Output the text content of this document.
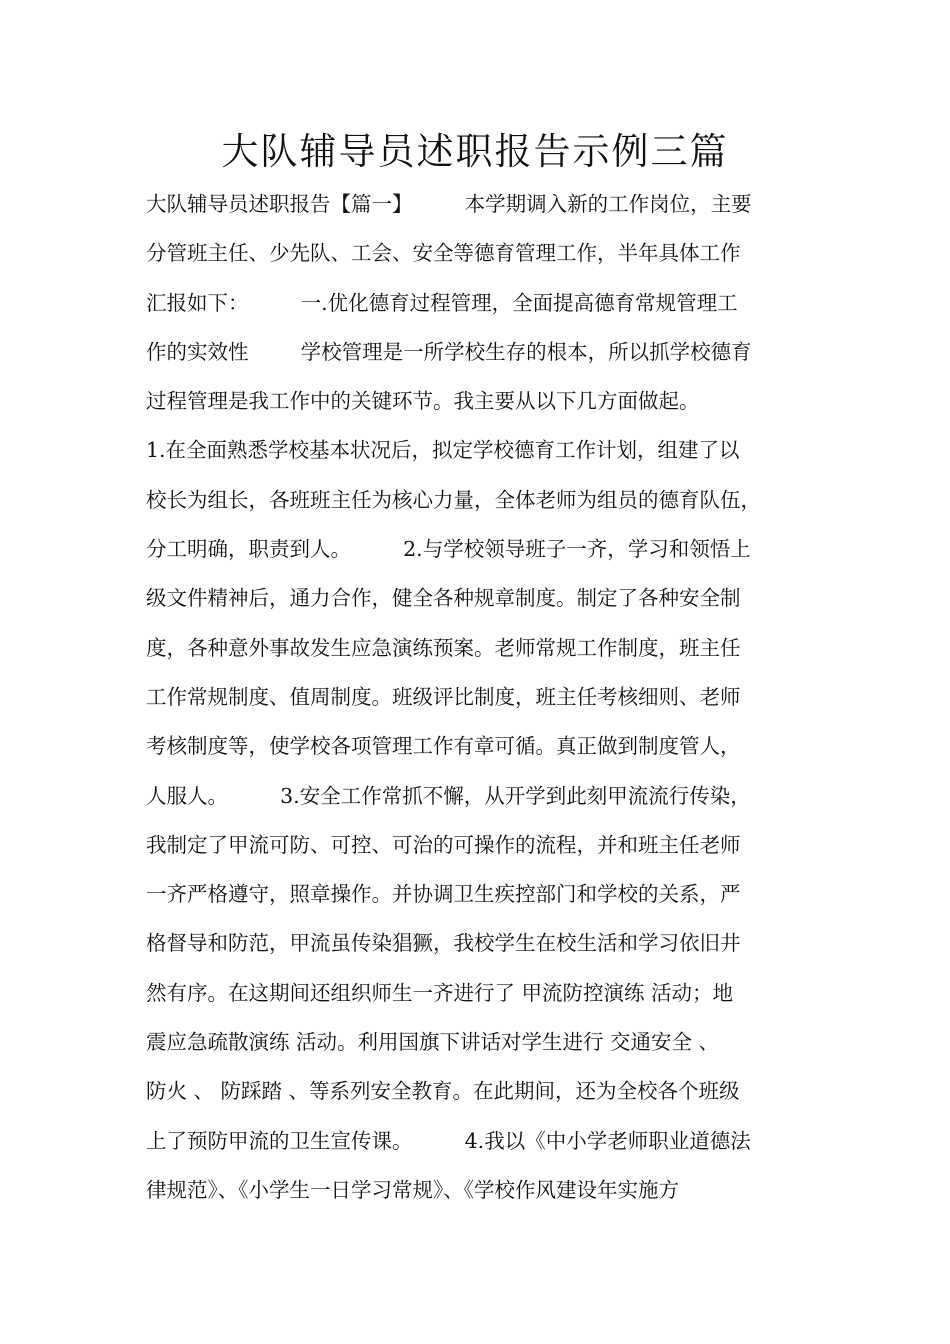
大队辅导员述职报告示例三篇
大队辅导员述职报告【篇一】        本学期调入新的工作岗位，主要
分管班主任、少先队、工会、安全等德育管理工作，半年具体工作
汇报如下：        一.优化德育过程管理，全面提高德育常规管理工
作的实效性        学校管理是一所学校生存的根本，所以抓学校德育
过程管理是我工作中的关键环节。我主要从以下几方面做起。
1.在全面熟悉学校基本状况后，拟定学校德育工作计划，组建了以
校长为组长，各班班主任为核心力量，全体老师为组员的德育队伍，
分工明确，职责到人。        2.与学校领导班子一齐，学习和领悟上
级文件精神后，通力合作，健全各种规章制度。制定了各种安全制
度，各种意外事故发生应急演练预案。老师常规工作制度，班主任
工作常规制度、值周制度。班级评比制度，班主任考核细则、老师
考核制度等，使学校各项管理工作有章可循。真正做到制度管人，
人服人。        3.安全工作常抓不懈，从开学到此刻甲流流行传染，
我制定了甲流可防、可控、可治的可操作的流程，并和班主任老师
一齐严格遵守，照章操作。并协调卫生疾控部门和学校的关系，严
格督导和防范，甲流虽传染猖獗，我校学生在校生活和学习依旧井
然有序。在这期间还组织师生一齐进行了 甲流防控演练 活动；地
震应急疏散演练 活动。利用国旗下讲话对学生进行 交通安全 、
防火 、 防踩踏 、等系列安全教育。在此期间，还为全校各个班级
上了预防甲流的卫生宣传课。        4.我以《中小学老师职业道德法
律规范》、《小学生一日学习常规》、《学校作风建设年实施方
